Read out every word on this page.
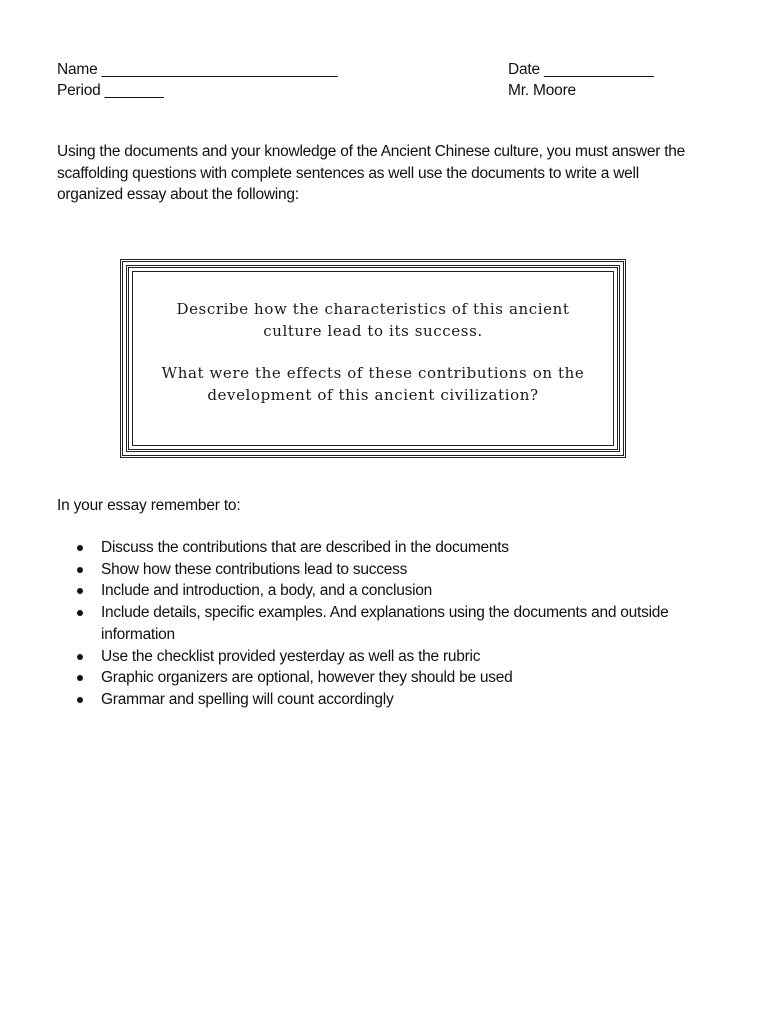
Name ____________________________	Date _____________
Period _______	Mr. Moore

Using the documents and your knowledge of the Ancient Chinese culture, you must answer the scaffolding questions with complete sentences as well use the documents to write a well organized essay about the following:

Describe how the characteristics of this ancient culture lead to its success.

What were the effects of these contributions on the development of this ancient civilization?

In your essay remember to:
Discuss the contributions that are described in the documents
Show how these contributions lead to success
Include and introduction, a body, and a conclusion
Include details, specific examples. And explanations using the documents and outside information
Use the checklist provided yesterday as well as the rubric
Graphic organizers are optional, however they should be used
Grammar and spelling will count accordingly
